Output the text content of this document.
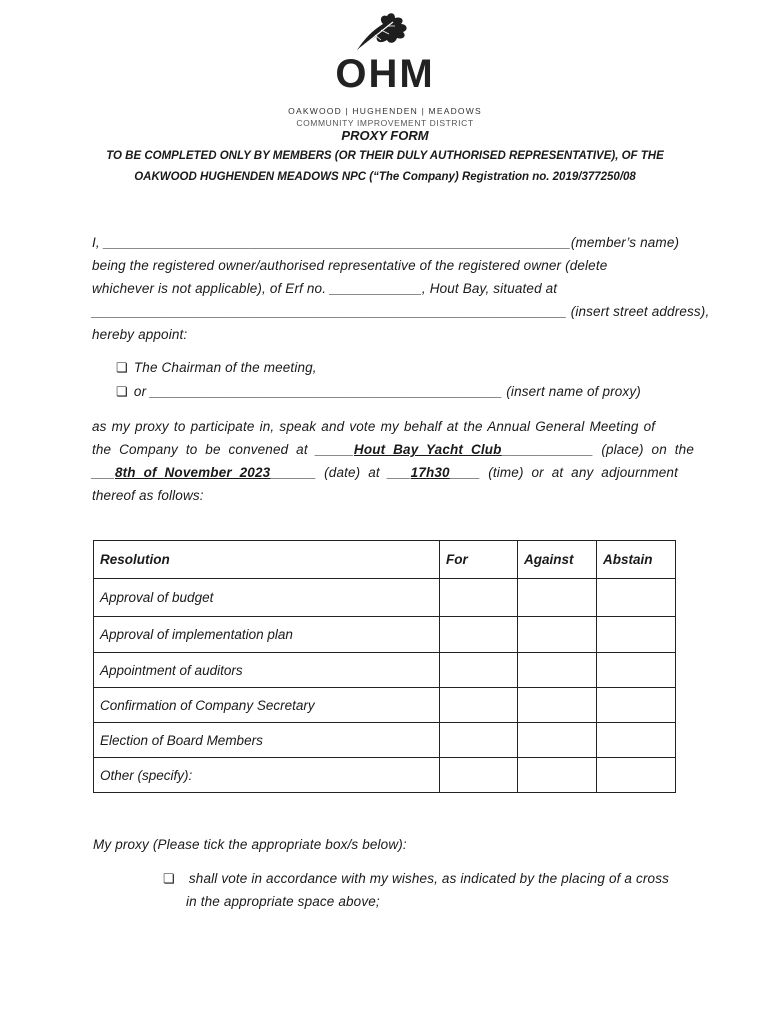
OHM
OAKWOOD | HUGHENDEN | MEADOWS
COMMUNITY IMPROVEMENT DISTRICT
PROXY FORM
TO BE COMPLETED ONLY BY MEMBERS (OR THEIR DULY AUTHORISED REPRESENTATIVE), OF THE
OAKWOOD HUGHENDEN MEADOWS NPC (“The Company) Registration no. 2019/377250/08
I, _____________________________________________________________(member’s name)
being the registered owner/authorised representative of the registered owner (delete
whichever is not applicable), of Erf no. ____________, Hout Bay, situated at
______________________________________________________________ (insert street address),
hereby appoint:
❏ The Chairman of the meeting,
❏ or ______________________________________________ (insert name of proxy)
as my proxy to participate in, speak and vote my behalf at the Annual General Meeting of
the Company to be convened at _____Hout Bay Yacht Club____________ (place) on the
___8th of November 2023______ (date) at ___17h30____ (time) or at any adjournment
thereof as follows:
Resolution	For	Against	Abstain
Approval of budget			
Approval of implementation plan			
Appointment of auditors			
Confirmation of Company Secretary			
Election of Board Members			
Other (specify):			
My proxy (Please tick the appropriate box/s below):
❏ shall vote in accordance with my wishes, as indicated by the placing of a cross
in the appropriate space above;
